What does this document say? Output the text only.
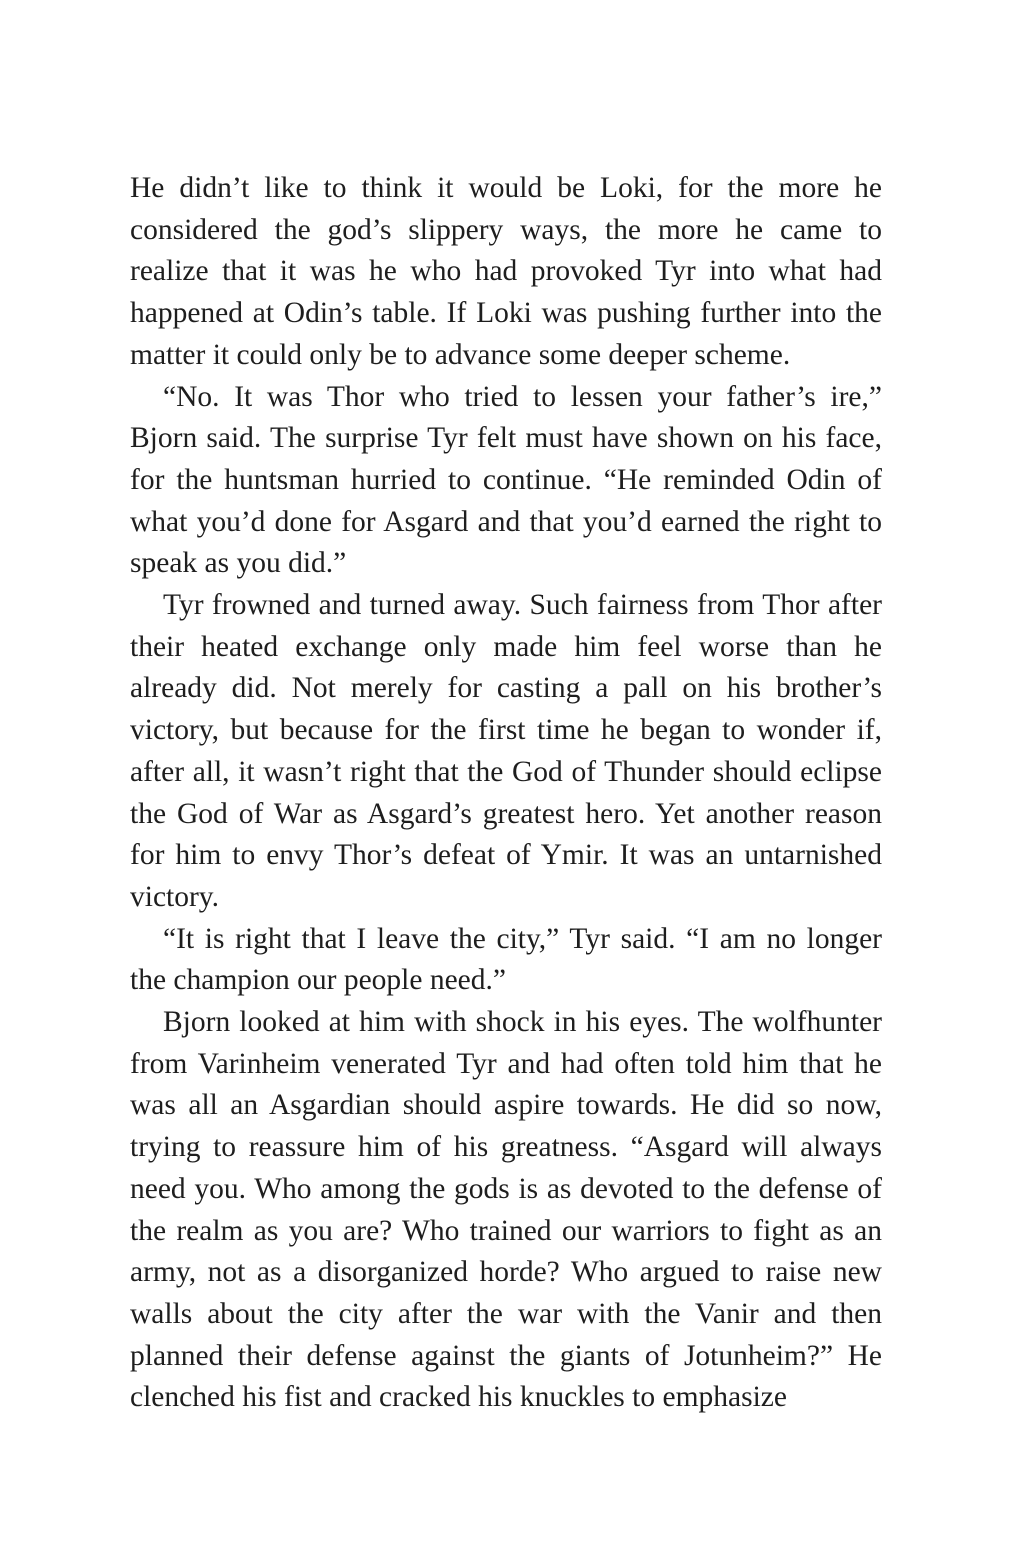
He didn’t like to think it would be Loki, for the more he considered the god’s slippery ways, the more he came to realize that it was he who had provoked Tyr into what had happened at Odin’s table. If Loki was pushing further into the matter it could only be to advance some deeper scheme.

“No. It was Thor who tried to lessen your father’s ire,” Bjorn said. The surprise Tyr felt must have shown on his face, for the huntsman hurried to continue. “He reminded Odin of what you’d done for Asgard and that you’d earned the right to speak as you did.”

Tyr frowned and turned away. Such fairness from Thor after their heated exchange only made him feel worse than he already did. Not merely for casting a pall on his brother’s victory, but because for the first time he began to wonder if, after all, it wasn’t right that the God of Thunder should eclipse the God of War as Asgard’s greatest hero. Yet another reason for him to envy Thor’s defeat of Ymir. It was an untarnished victory.

“It is right that I leave the city,” Tyr said. “I am no longer the champion our people need.”

Bjorn looked at him with shock in his eyes. The wolfhunter from Varinheim venerated Tyr and had often told him that he was all an Asgardian should aspire towards. He did so now, trying to reassure him of his greatness. “Asgard will always need you. Who among the gods is as devoted to the defense of the realm as you are? Who trained our warriors to fight as an army, not as a disorganized horde? Who argued to raise new walls about the city after the war with the Vanir and then planned their defense against the giants of Jotunheim?” He clenched his fist and cracked his knuckles to emphasize
